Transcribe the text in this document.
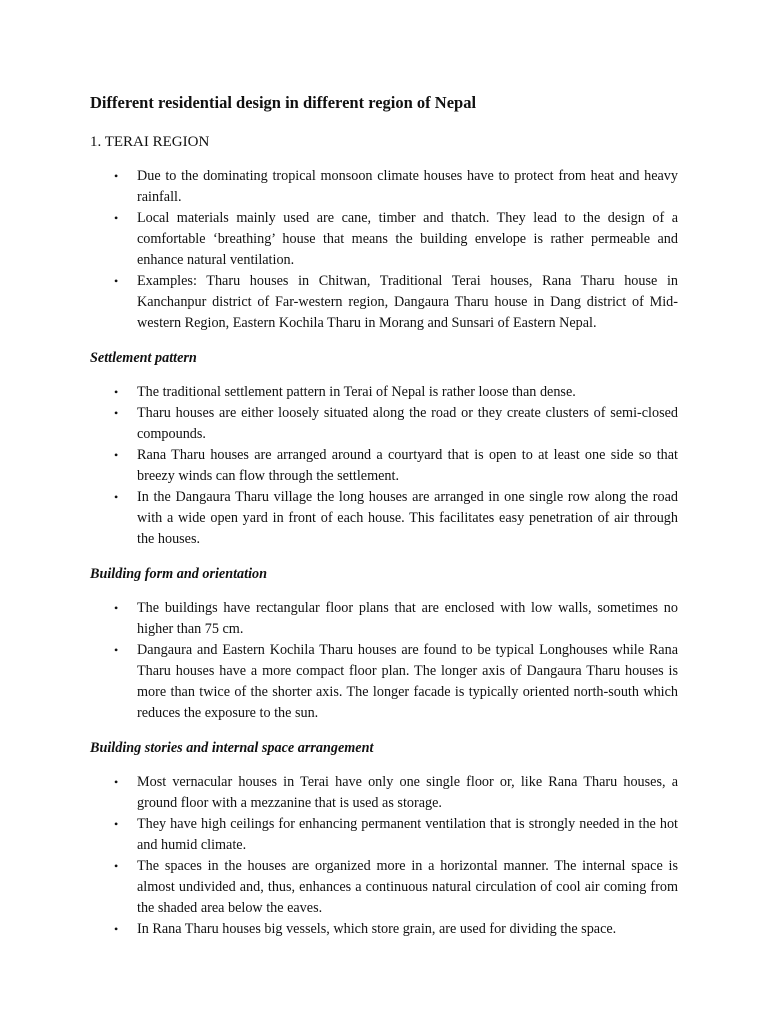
Different residential design in different region of Nepal
1. TERAI REGION
• Due to the dominating tropical monsoon climate houses have to protect from heat and heavy rainfall.
• Local materials mainly used are cane, timber and thatch. They lead to the design of a comfortable ‘breathing’ house that means the building envelope is rather permeable and enhance natural ventilation.
• Examples: Tharu houses in Chitwan, Traditional Terai houses, Rana Tharu house in Kanchanpur district of Far-western region, Dangaura Tharu house in Dang district of Mid-western Region, Eastern Kochila Tharu in Morang and Sunsari of Eastern Nepal.
Settlement pattern
• The traditional settlement pattern in Terai of Nepal is rather loose than dense.
• Tharu houses are either loosely situated along the road or they create clusters of semi-closed compounds.
• Rana Tharu houses are arranged around a courtyard that is open to at least one side so that breezy winds can flow through the settlement.
• In the Dangaura Tharu village the long houses are arranged in one single row along the road with a wide open yard in front of each house. This facilitates easy penetration of air through the houses.
Building form and orientation
• The buildings have rectangular floor plans that are enclosed with low walls, sometimes no higher than 75 cm.
• Dangaura and Eastern Kochila Tharu houses are found to be typical Longhouses while Rana Tharu houses have a more compact floor plan. The longer axis of Dangaura Tharu houses is more than twice of the shorter axis. The longer facade is typically oriented north-south which reduces the exposure to the sun.
Building stories and internal space arrangement
• Most vernacular houses in Terai have only one single floor or, like Rana Tharu houses, a ground floor with a mezzanine that is used as storage.
• They have high ceilings for enhancing permanent ventilation that is strongly needed in the hot and humid climate.
• The spaces in the houses are organized more in a horizontal manner. The internal space is almost undivided and, thus, enhances a continuous natural circulation of cool air coming from the shaded area below the eaves.
• In Rana Tharu houses big vessels, which store grain, are used for dividing the space.
